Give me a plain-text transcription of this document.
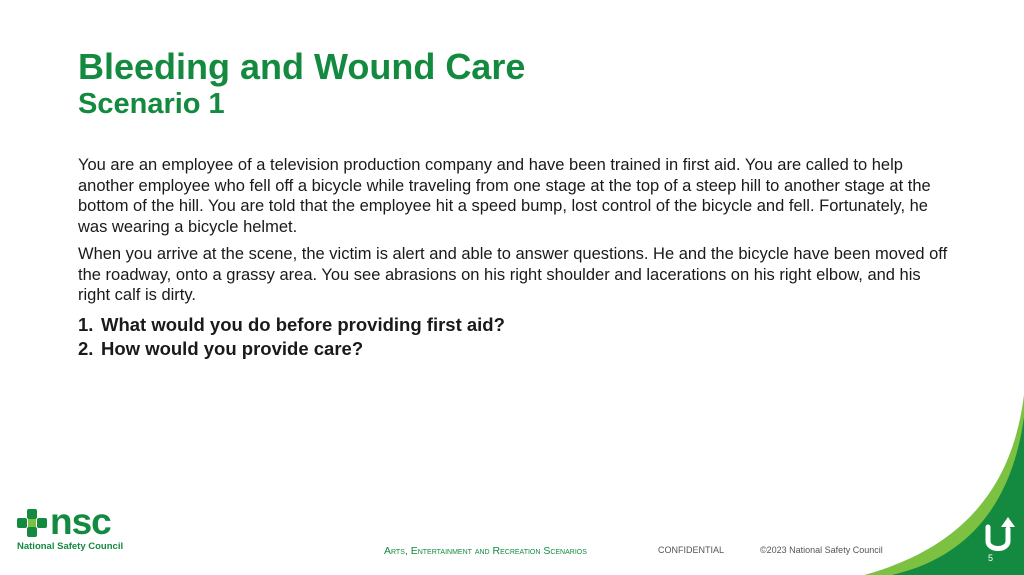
Bleeding and Wound Care
Scenario 1

You are an employee of a television production company and have been trained in first aid. You are called to help another employee who fell off a bicycle while traveling from one stage at the top of a steep hill to another stage at the bottom of the hill. You are told that the employee hit a speed bump, lost control of the bicycle and fell. Fortunately, he was wearing a bicycle helmet.

When you arrive at the scene, the victim is alert and able to answer questions. He and the bicycle have been moved off the roadway, onto a grassy area. You see abrasions on his right shoulder and lacerations on his right elbow, and his right calf is dirty.

1. What would you do before providing first aid?
2. How would you provide care?
nsc
National Safety Council	Arts, Entertainment and Recreation Scenarios	CONFIDENTIAL	©2023 National Safety Council
5
